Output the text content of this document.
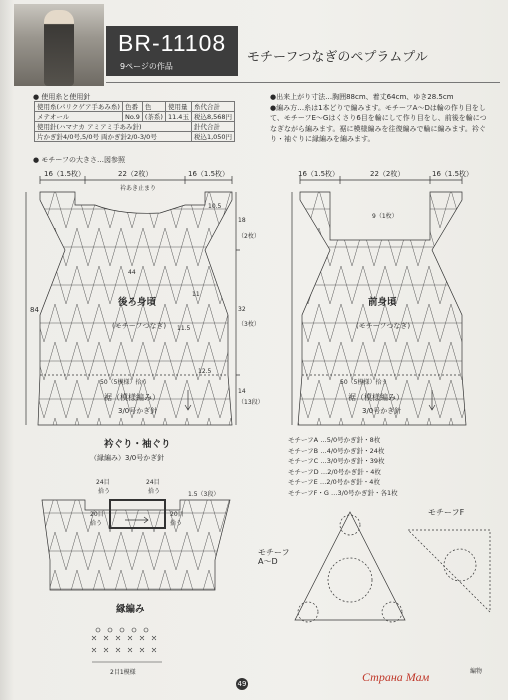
BR-11108
9ページの作品
モチーフつなぎのペプラムプル
● 使用糸と使用針
使用糸(パリクゲア手あみ糸)	色番	色	使用量	糸代合計
メテオール	No.9	(茶系)	11.4玉	税込8,568円
使用針(ハマナカ アミアミ手あみ針)				針代合計
片かぎ針4/0号,5/0号 両かぎ針2/0-3/0号				税込1,050円
●出来上がり寸法…胸囲88cm、着丈64cm、ゆき28.5cm
●編み方…糸は1本どりで編みます。モチーフA〜Dは輪の作り目をして、モチーフE〜Gはくさり6目を輪にして作り目をし、前後を輪につなぎながら編みます。裾に模様編みを往復編みで輪に編みます。衿ぐり・袖ぐりに縁編みを編みます。
● モチーフの大きさ…図参照
16（1.5枚）	22（2枚）	16（1.5枚）
衿あき止まり
18
（2枚）
32
（3枚）
14
（13段）
84
10.5
44
11
11.5
12.5
後ろ身頃
(モチーフつなぎ)
50（5模様）拾う
裾（模様編み）
3/0号かぎ針
16（1.5枚）	22（2枚）	16（1.5枚）
9（1枚）
前身頃
(モチーフつなぎ)
50（5模様）拾う
裾（模様編み）
3/0号かぎ針
衿ぐり・袖ぐり
（縁編み）3/0号かぎ針
24目
拾う
24目
拾う	1.5（3段）
20目
拾う
20目
拾う
縁編み
2目1模様
モチーフA …5/0号かぎ針・8枚
モチーフB …4/0号かぎ針・24枚
モチーフC …3/0号かぎ針・39枚
モチーフD …2/0号かぎ針・4枚
モチーフE …2/0号かぎ針・4枚
モチーフF・G …3/0号かぎ針・各1枚
モチーフF
モチーフ A〜D
49	Страна Мам	編物
